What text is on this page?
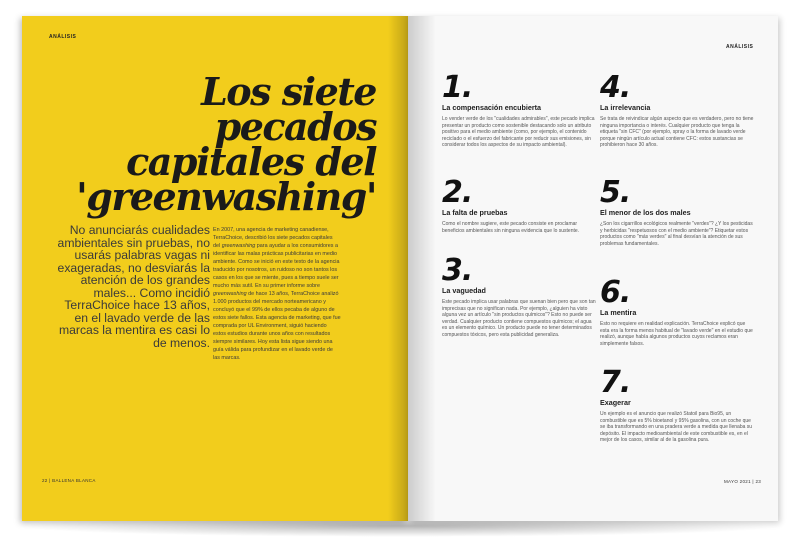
ANÁLISIS
Los siete
pecados
capitales del
'greenwashing'
No anunciarás cualidades ambientales sin pruebas, no usarás palabras vagas ni exageradas, no desviarás la atención de los grandes males... Como incidió TerraChoice hace 13 años, en el lavado verde de las marcas la mentira es casi lo de menos.
En 2007, una agencia de marketing canadiense, TerraChoice, describió los siete pecados capitales del greenwashing para ayudar a los consumidores a identificar las malas prácticas publicitarias en medio ambiente. Como se inició en este texto de la agencia traducido por nosotros, un ruidoso no son tantos los casos en los que se miente, pues a tiempo suele ser mucho más sutil. En su primer informe sobre greenwashing de hace 13 años, TerraChoice analizó 1.000 productos del mercado norteamericano y concluyó que el 99% de ellos pecaba de alguno de estos siete fallos. Esta agencia de marketing, que fue comprada por UL Environment, siguió haciendo estos estudios durante unos años con resultados siempre similares. Hoy esta lista sigue siendo una guía válida para profundizar en el lavado verde de las marcas.
22 | BALLENA BLANCA
ANÁLISIS
1.
La compensación encubierta
Lo vender verde de los "cualidades admirables", este pecado implica presentar un producto como sostenible destacando solo un atributo positivo para el medio ambiente (como, por ejemplo, el contenido reciclado o el esfuerzo del fabricante por reducir sus emisiones, sin considerar todos los aspectos de su impacto ambiental).
2.
La falta de pruebas
Como el nombre sugiere, este pecado consiste en proclamar beneficios ambientales sin ninguna evidencia que lo sustente.
3.
La vaguedad
Este pecado implica usar palabras que suenan bien pero que son tan imprecisas que no significan nada. Por ejemplo, ¿alguien ha visto alguna vez un artículo "sin productos químicos"? Esto no puede ser verdad. Cualquier producto contiene compuestos químicos; el agua es un elemento químico. Un producto puede no tener determinados compuestos tóxicos, pero esta publicidad generaliza.
4.
La irrelevancia
Se trata de reivindicar algún aspecto que es verdadero, pero no tiene ninguna importancia o interés. Cualquier producto que tenga la etiqueta "sin CFC" (por ejemplo, spray o la forma de lavado verde porque ningún artículo actual contiene CFC: estos sustancias se prohibieron hace 30 años.
5.
El menor de los dos males
¿Son los cigarrillos ecológicos realmente "verdes"? ¿Y los pesticidas y herbicidas "respetuosos con el medio ambiente"? Etiquetar estos productos como "más verdes" al final desvían la atención de sus problemas fundamentales.
6.
La mentira
Esto no requiere en realidad explicación. TerraChoice explicó que esta era la forma menos habitual de "lavado verde" en el estudio que realizó, aunque había algunos productos cuyos reclamos eran simplemente falsos.
7.
Exagerar
Un ejemplo es el anuncio que realizó Statoil para Bio95, un combustible que es 5% bioetanol y 95% gasolina, con un coche que se iba transformando en una pradera verde a medida que llenaba su depósito. El impacto medioambiental de este combustible es, en el mejor de los casos, similar al de la gasolina pura.
MAYO 2021 | 23
